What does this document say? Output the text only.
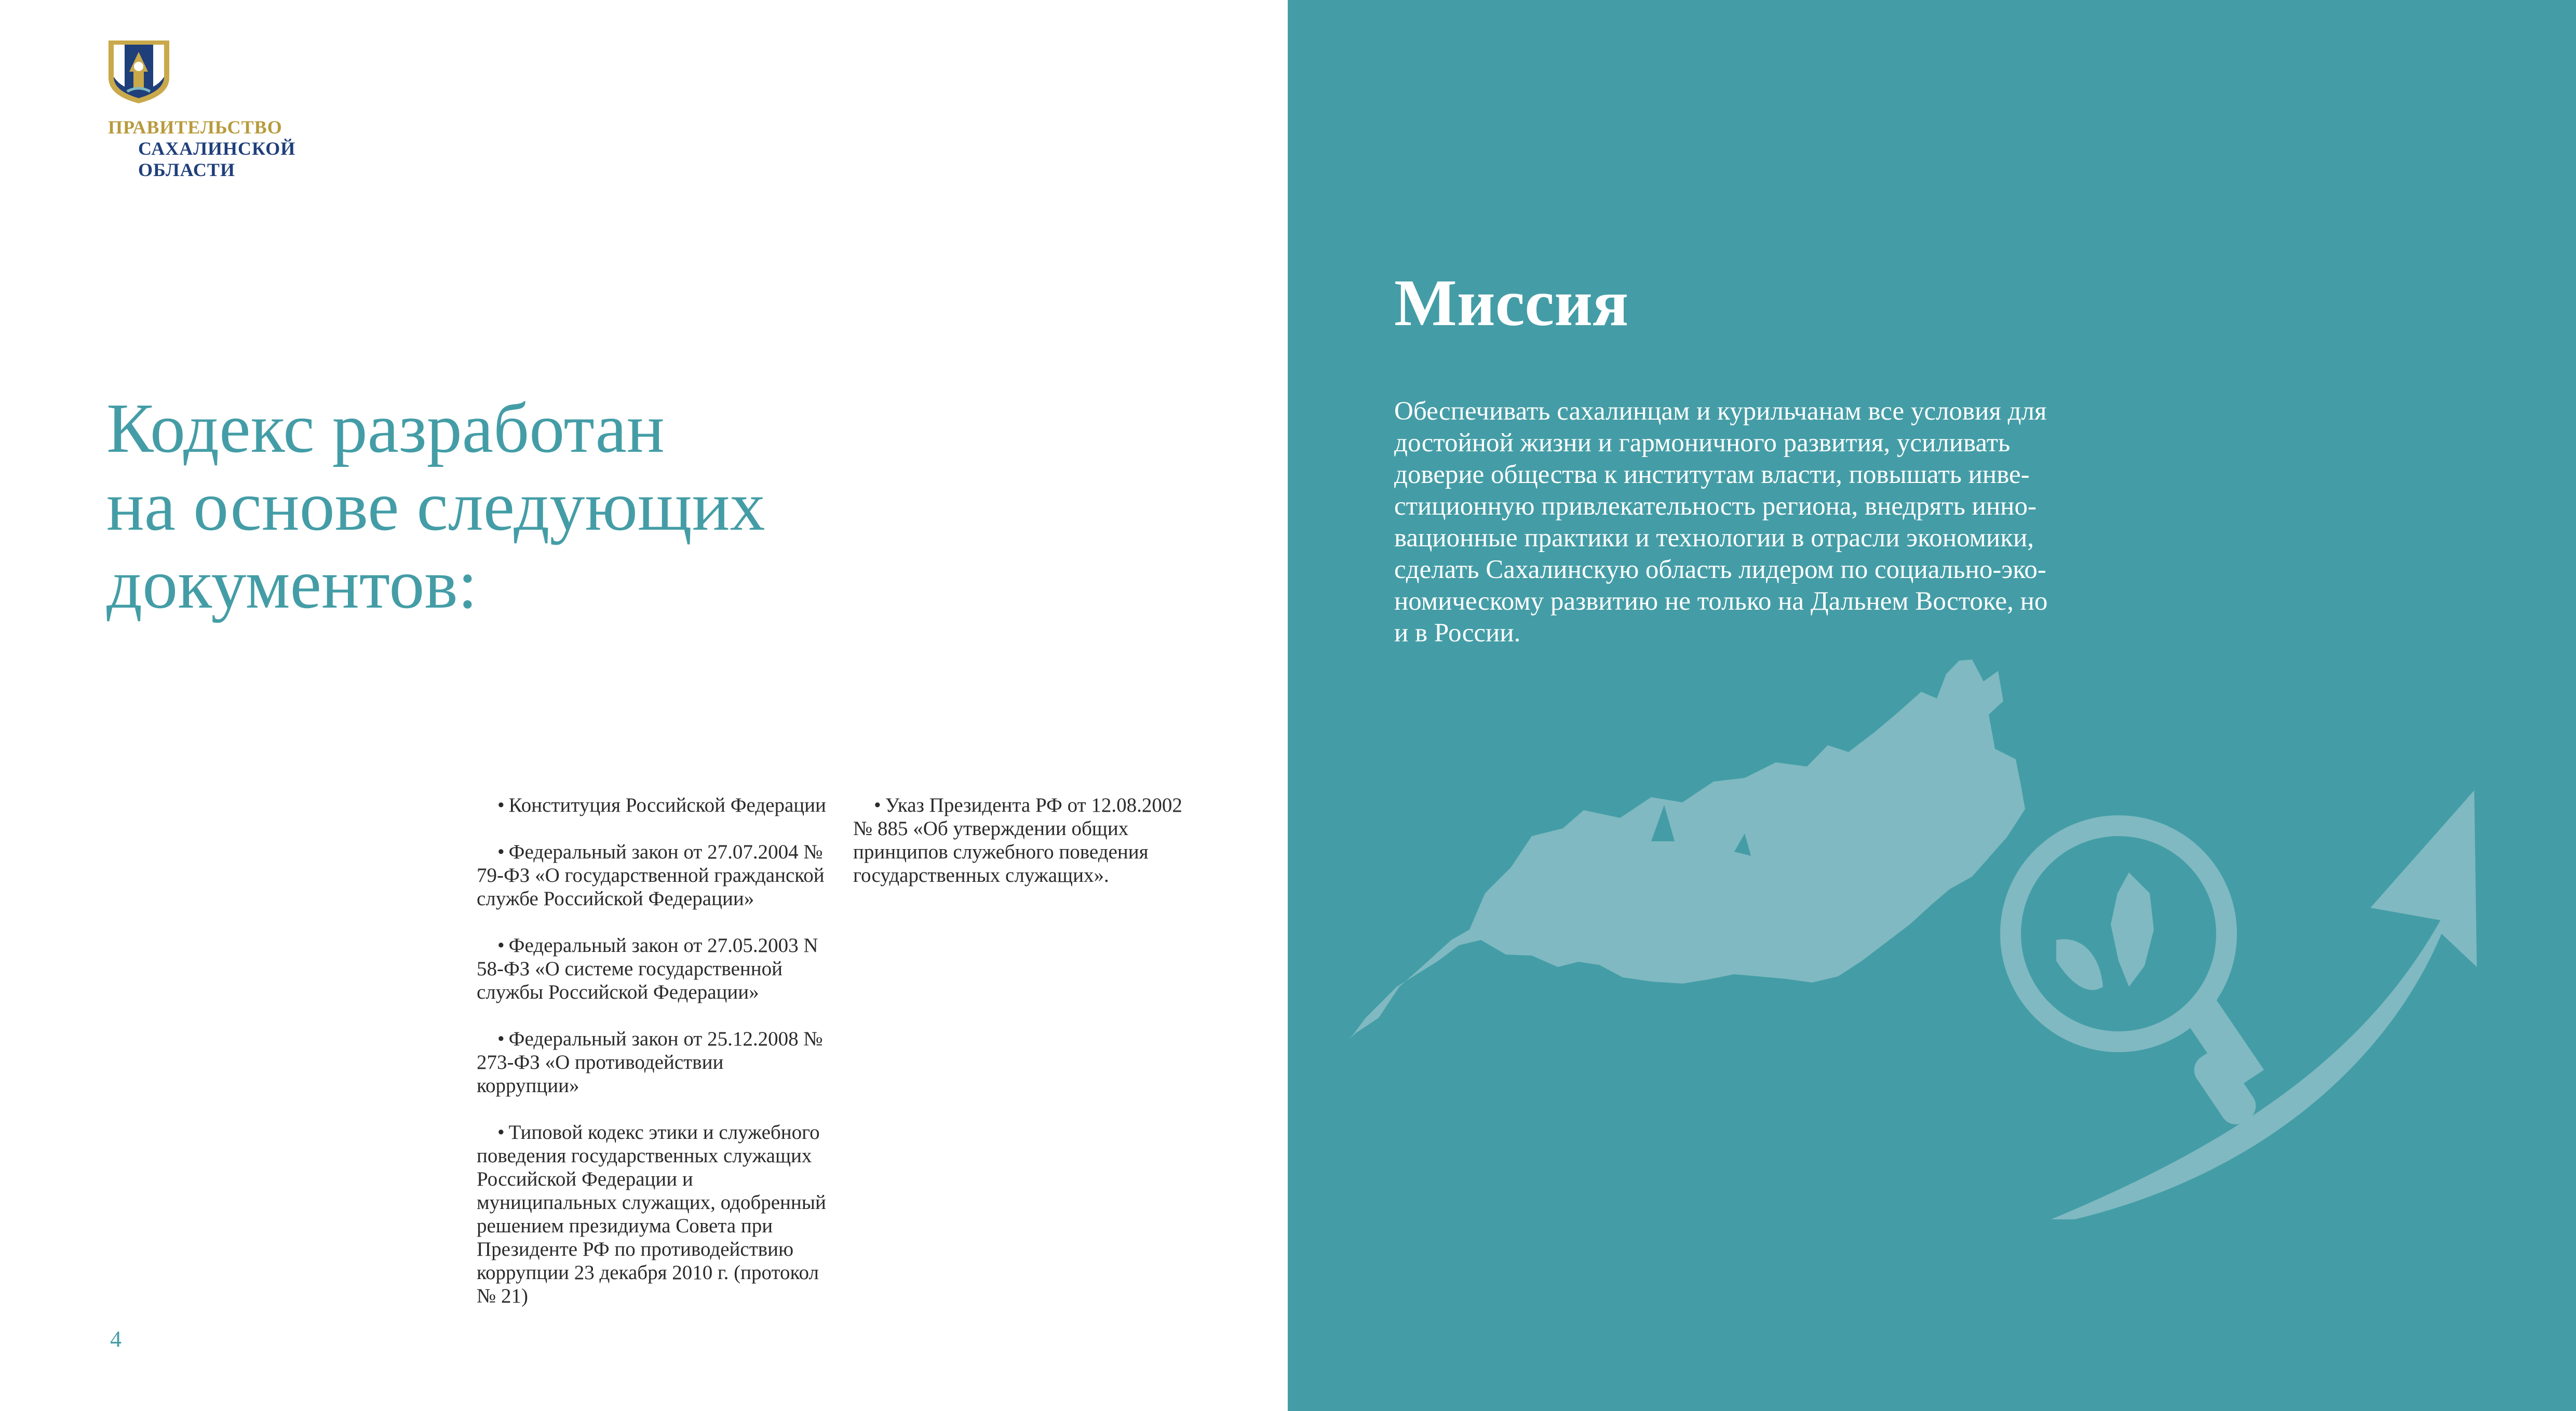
ПРАВИТЕЛЬСТВО
САХАЛИНСКОЙ
ОБЛАСТИ
Кодекс разработан
на основе следующих
документов:

• Конституция Российской Федерации

• Федеральный закон от 27.07.2004 № 79-ФЗ «О государственной гражданской службе Российской Федерации»

• Федеральный закон от 27.05.2003 N 58-ФЗ «О системе государственной службы Российской Федерации»

• Федеральный закон от 25.12.2008 № 273-ФЗ «О противодействии коррупции»

• Типовой кодекс этики и служебного поведения государственных служащих Российской Федерации и муниципальных служащих, одобренный решением президиума Совета при Президенте РФ по противодействию коррупции 23 декабря 2010 г. (протокол № 21)

• Указ Президента РФ от 12.08.2002 № 885 «Об утверждении общих принципов служебного поведения государственных служащих».

4
Миссия

Обеспечивать сахалинцам и курильчанам все условия для
достойной жизни и гармоничного развития, усиливать
доверие общества к институтам власти, повышать инве-
стиционную привлекательность региона, внедрять инно-
вационные практики и технологии в отрасли экономики,
сделать Сахалинскую область лидером по социально-эко-
номическому развитию не только на Дальнем Востоке, но
и в России.
